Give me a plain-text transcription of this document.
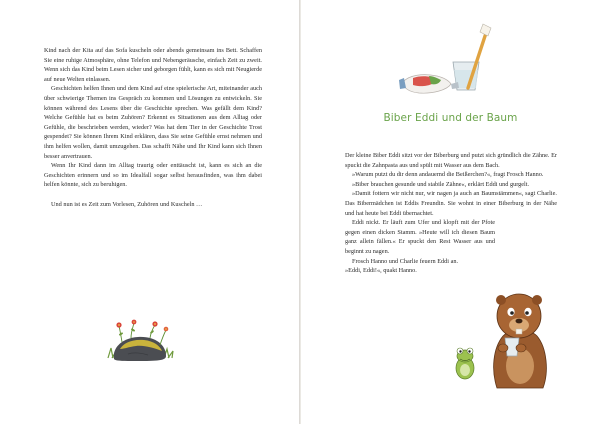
Kind nach der Kita auf das Sofa kuscheln oder abends gemeinsam ins Bett. Schaffen Sie eine ruhige Atmosphäre, ohne Telefon und Nebengeräusche, einfach Zeit zu zweit. Wenn sich das Kind beim Lesen sicher und geborgen fühlt, kann es sich mit Neugierde auf neue Welten einlassen.

Geschichten helfen Ihnen und dem Kind auf eine spielerische Art, miteinander auch über schwierige Themen ins Gespräch zu kommen und Lösungen zu entwickeln. Sie können während des Lesens über die Geschichte sprechen. Was gefällt dem Kind? Welche Gefühle hat es beim Zuhören? Erkennt es Situationen aus dem Alltag oder Gefühle, die beschrieben werden, wieder? Was hat dem Tier in der Geschichte Trost gespendet? Sie können Ihrem Kind erklären, dass Sie seine Gefühle ernst nehmen und ihm helfen wollen, damit umzugehen. Das schafft Nähe und Ihr Kind kann sich Ihnen besser anvertrauen.

Wenn Ihr Kind dann im Alltag traurig oder enttäuscht ist, kann es sich an die Geschichten erinnern und so im Idealfall sogar selbst herausfinden, was ihm dabei helfen könnte, sich zu beruhigen.

Und nun ist es Zeit zum Vorlesen, Zuhören und Kuscheln …

Biber Eddi und der Baum

Der kleine Biber Eddi sitzt vor der Biberburg und putzt sich gründlich die Zähne. Er spuckt die Zahnpasta aus und spült mit Wasser aus dem Bach.

»Warum putzt du dir denn andauernd die Beißerchen?«, fragt Frosch Hanno.

»Biber brauchen gesunde und stabile Zähne«, erklärt Eddi und gurgelt.

»Damit fottern wir nicht nur, wir nagen ja auch an Baumstämmen«, sagt Charlie. Das Bibermädchen ist Eddis Freundin. Sie wohnt in einer Biberburg in der Nähe und hat heute bei Eddi übernachtet.

Eddi nickt. Er läuft zum Ufer und klopft mit der Pfote gegen einen dicken Stamm. »Heute will ich diesen Baum ganz allein fällen.« Er spuckt den Rest Wasser aus und beginnt zu nagen.

Frosch Hanno und Charlie feuern Eddi an.

»Eddi, Eddi!«, quakt Hanno.
